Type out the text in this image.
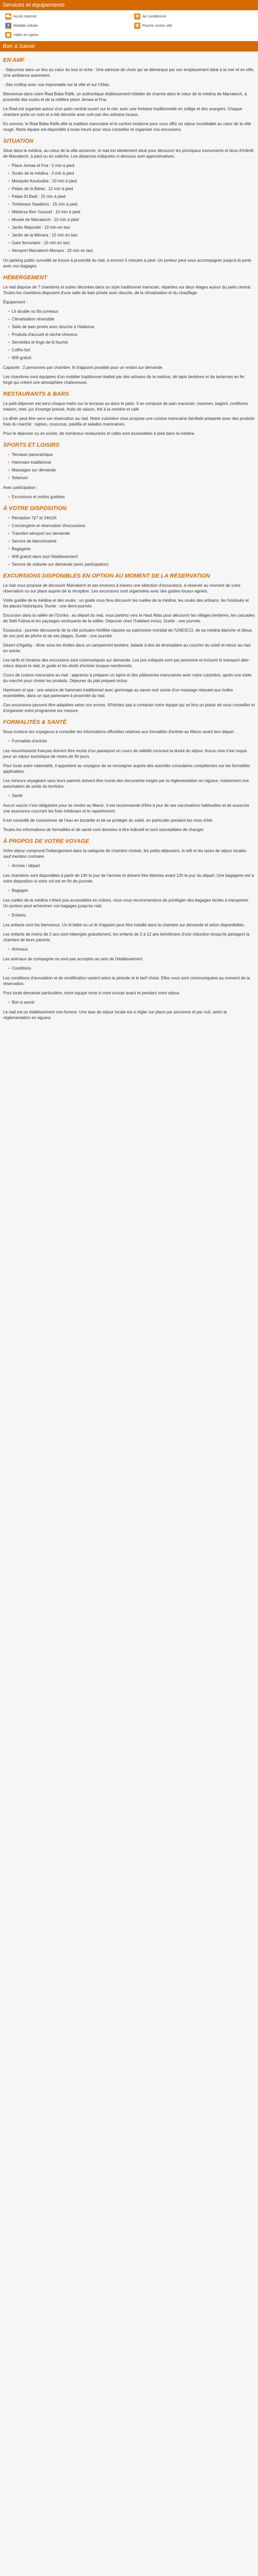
Services et équipements
⛟ Accès Internet	❄ Air conditionné
♿ Mobilité réduite	✿ Proche centre ville
▣ Vidéo en option
Bon à Savoir
EN AMF

- Séjournez dans un lieu au cœur du tout et riche : Une adresse de choix qui se démarque par son emplacement idéal à la mer et en ville, Une ambiance autrement.

- Ses rooftop avec vue imprenable sur la ville et sur l'Atlas.

Bienvenue dans notre Riad Baba Rafik, un authentique établissement hôtelier de charme dans le cœur de la médina de Marrakech, à proximité des souks et de la célèbre place Jemaa el Fna.

Le Riad est organisé autour d'un patio central ouvert sur le ciel, avec une fontaine traditionnelle en zellige et des orangers. Chaque chambre porte un nom et a été décorée avec soin par des artisans locaux.

En somme, le Riad Baba Rafik allie la tradition marocaine et le confort moderne pour vous offrir un séjour inoubliable au cœur de la ville rouge. Notre équipe est disponible à toute heure pour vous conseiller et organiser vos excursions.

SITUATION

Situé dans la médina, au cœur de la ville ancienne, le riad est idéalement situé pour découvrir les principaux monuments et lieux d'intérêt de Marrakech, à pied ou en calèche. Les distances indiquées ci-dessous sont approximatives.

• Place Jemaa el Fna : 5 min à pied
• Souks de la médina : 3 min à pied
• Mosquée Koutoubia : 10 min à pied
• Palais de la Bahia : 12 min à pied
• Palais El Badi : 15 min à pied
• Tombeaux Saadiens : 15 min à pied
• Médersa Ben Youssef : 10 min à pied
• Musée de Marrakech : 10 min à pied
• Jardin Majorelle : 10 min en taxi
• Jardin de la Ménara : 15 min en taxi
• Gare ferroviaire : 15 min en taxi
• Aéroport Marrakech-Menara : 20 min en taxi

Un parking public surveillé se trouve à proximité du riad, à environ 5 minutes à pied. Un porteur peut vous accompagner jusqu'à la porte avec vos bagages.

HÉBERGEMENT

Le riad dispose de 7 chambres et suites décorées dans un style traditionnel marocain, réparties sur deux étages autour du patio central. Toutes les chambres disposent d'une salle de bain privée avec douche, de la climatisation et du chauffage.

Équipement :

• Lit double ou lits jumeaux
• Climatisation réversible
• Salle de bain privée avec douche à l'italienne
• Produits d'accueil et sèche-cheveux
• Serviettes et linge de lit fournis
• Coffre-fort
• Wifi gratuit

Capacité : 2 personnes par chambre, lit d'appoint possible pour un enfant sur demande.

Les chambres sont équipées d'un mobilier traditionnel réalisé par des artisans de la médina, de tapis berbères et de lanternes en fer forgé qui créent une atmosphère chaleureuse.

RESTAURANTS & BARS

Le petit-déjeuner est servi chaque matin sur la terrasse ou dans le patio. Il se compose de pain marocain, msemen, baghrir, confitures maison, miel, jus d'orange pressé, fruits de saison, thé à la menthe et café.

Le dîner peut être servi sur réservation au riad. Notre cuisinière vous propose une cuisine marocaine familiale préparée avec des produits frais du marché : tajines, couscous, pastilla et salades marocaines.

Pour le déjeuner ou en soirée, de nombreux restaurants et cafés sont accessibles à pied dans la médina.

SPORTS ET LOISIRS
• Terrasse panoramique
• Hammam traditionnel
• Massages sur demande
• Solarium

Avec participation :

• Excursions et visites guidées
À VOTRE DISPOSITION
• Réception 7j/7 et 24h/24
• Conciergerie et réservation d'excursions
• Transfert aéroport sur demande
• Service de blanchisserie
• Bagagerie
• Wifi gratuit dans tout l'établissement
• Service de voiturier sur demande (avec participation)
EXCURSIONS DISPONIBLES EN OPTION AU MOMENT DE LA RÉSERVATION

Le riad vous propose de découvrir Marrakech et ses environs à travers une sélection d'excursions, à réserver au moment de votre réservation ou sur place auprès de la réception. Les excursions sont organisées avec des guides locaux agréés.

Visite guidée de la médina et des souks : un guide vous fera découvrir les ruelles de la médina, les souks des artisans, les fondouks et les places historiques. Durée : une demi-journée.

Excursion dans la vallée de l'Ourika : au départ du riad, vous partirez vers le Haut Atlas pour découvrir les villages berbères, les cascades de Setti Fatma et les paysages verdoyants de la vallée. Déjeuner chez l'habitant inclus. Durée : une journée.

Essaouira : journée découverte de la cité portuaire fortifiée classée au patrimoine mondial de l'UNESCO, de sa médina blanche et bleue, de son port de pêche et de ses plages. Durée : une journée.

Désert d'Agafay : dîner sous les étoiles dans un campement berbère, balade à dos de dromadaire au coucher du soleil et retour au riad en soirée.

Les tarifs et horaires des excursions sont communiqués sur demande. Les prix indiqués sont par personne et incluent le transport aller-retour depuis le riad, le guide et les droits d'entrée lorsque mentionnés.

Cours de cuisine marocaine au riad : apprenez à préparer un tajine et des pâtisseries marocaines avec notre cuisinière, après une visite du marché pour choisir les produits. Déjeuner du plat préparé inclus.

Hammam et spa : une séance de hammam traditionnel avec gommage au savon noir suivie d'un massage relaxant aux huiles essentielles, dans un spa partenaire à proximité du riad.

Ces excursions peuvent être adaptées selon vos envies. N'hésitez pas à contacter notre équipe qui se fera un plaisir de vous conseiller et d'organiser votre programme sur mesure.

FORMALITÉS & SANTÉ

Nous invitons les voyageurs à consulter les informations officielles relatives aux formalités d'entrée au Maroc avant leur départ.

• Formalités d'entrée

Les ressortissants français doivent être munis d'un passeport en cours de validité couvrant la durée du séjour. Aucun visa n'est requis pour un séjour touristique de moins de 90 jours.

Pour toute autre nationalité, il appartient au voyageur de se renseigner auprès des autorités consulaires compétentes sur les formalités applicables.

Les mineurs voyageant sans leurs parents doivent être munis des documents exigés par la réglementation en vigueur, notamment une autorisation de sortie du territoire.

• Santé

Aucun vaccin n'est obligatoire pour se rendre au Maroc. Il est recommandé d'être à jour de ses vaccinations habituelles et de souscrire une assurance couvrant les frais médicaux et le rapatriement.

Il est conseillé de consommer de l'eau en bouteille et de se protéger du soleil, en particulier pendant les mois d'été.

Toutes les informations de formalités et de santé sont données à titre indicatif et sont susceptibles de changer.

À PROPOS DE VOTRE VOYAGE

Votre séjour comprend l'hébergement dans la catégorie de chambre choisie, les petits-déjeuners, le wifi et les taxes de séjour locales sauf mention contraire.

• Arrivée / départ

Les chambres sont disponibles à partir de 14h le jour de l'arrivée et doivent être libérées avant 12h le jour du départ. Une bagagerie est à votre disposition si votre vol est en fin de journée.

• Bagages

Les ruelles de la médina n'étant pas accessibles en voiture, nous vous recommandons de privilégier des bagages faciles à transporter. Un porteur peut acheminer vos bagages jusqu'au riad.

• Enfants

Les enfants sont les bienvenus. Un lit bébé ou un lit d'appoint peut être installé dans la chambre sur demande et selon disponibilités.

Les enfants de moins de 2 ans sont hébergés gratuitement, les enfants de 2 à 12 ans bénéficient d'une réduction lorsqu'ils partagent la chambre de leurs parents.

• Animaux

Les animaux de compagnie ne sont pas acceptés au sein de l'établissement.

• Conditions

Les conditions d'annulation et de modification varient selon la période et le tarif choisi. Elles vous sont communiquées au moment de la réservation.

Pour toute demande particulière, notre équipe reste à votre écoute avant et pendant votre séjour.

• Bon à savoir

Le riad est un établissement non-fumeur. Une taxe de séjour locale est à régler sur place par personne et par nuit, selon la réglementation en vigueur.
